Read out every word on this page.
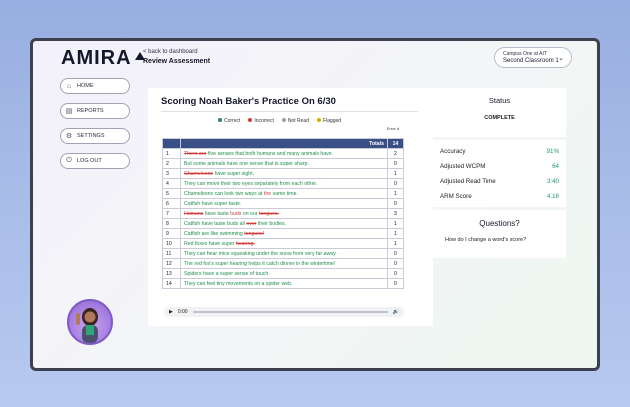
AMIRA	< back to dashboard
Review Assessment
Campus One at AIT
Second Classroom 1 ⌄
⌂	HOME
▤ REPORTS
⚙ SETTINGS
⏻ LOG OUT
Scoring Noah Baker's Practice On 6/30
Correct	Incorrect	Not Read	Flagged
Error #
	Totals	14
1	There are five senses that both humans and many animals have.	2
2	But some animals have one sense that is super sharp.	0
3	Chameleons have super sight.	1
4	They can move their two eyes separately from each other.	0
5	Chameleons can look two ways at the same time.	1
6	Catfish have super taste.	0
7	Humans have taste buds on our tongues.	3
8	Catfish have taste buds all over their bodies.	1
9	Catfish are like swimming tongues!	1
10	Red foxes have super hearing.	1
11	They can hear mice squeaking under the snow from very far away.	0
12	The red fox's super hearing helps it catch dinner in the wintertime!	0
13	Spiders have a super sense of touch.	0
14	They can feel tiny movements on a spider web.	0
▶ 0:00	🔊
Status
COMPLETE
Accuracy	91%
Adjusted WCPM	64
Adjusted Read Time	3:40
ARM Score	4.16
Questions?
How do I change a word's score?
